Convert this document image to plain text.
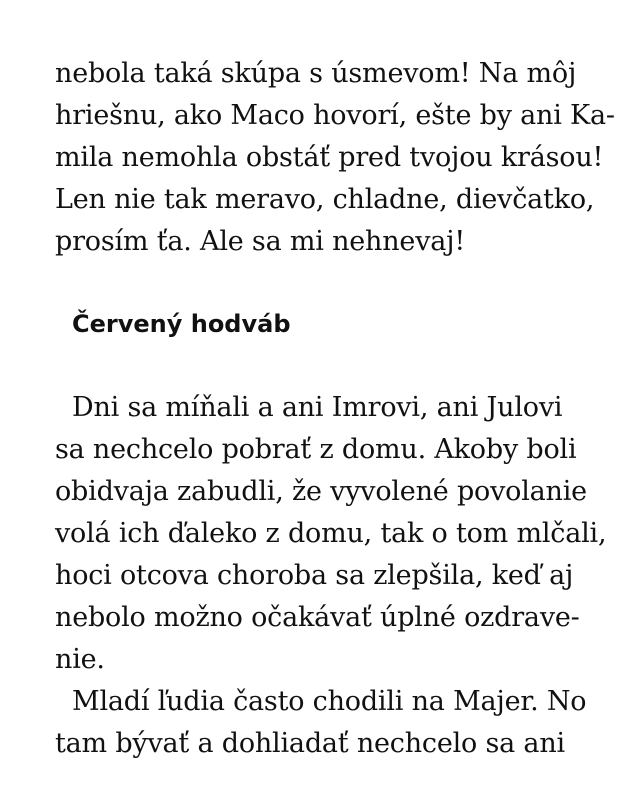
nebola taká skúpa s úsmevom! Na môj
hriešnu, ako Maco hovorí, ešte by ani Ka-
mila nemohla obstáť pred tvojou krásou!
Len nie tak meravo, chladne, dievčatko,
prosím ťa. Ale sa mi nehnevaj!
Červený hodváb
Dni sa míňali a ani Imrovi, ani Julovi
sa nechcelo pobrať z domu. Akoby boli
obidvaja zabudli, že vyvolené povolanie
volá ich ďaleko z domu, tak o tom mlčali,
hoci otcova choroba sa zlepšila, keď aj
nebolo možno očakávať úplné ozdrave-
nie.
Mladí ľudia často chodili na Majer. No
tam bývať a dohliadať nechcelo sa ani
